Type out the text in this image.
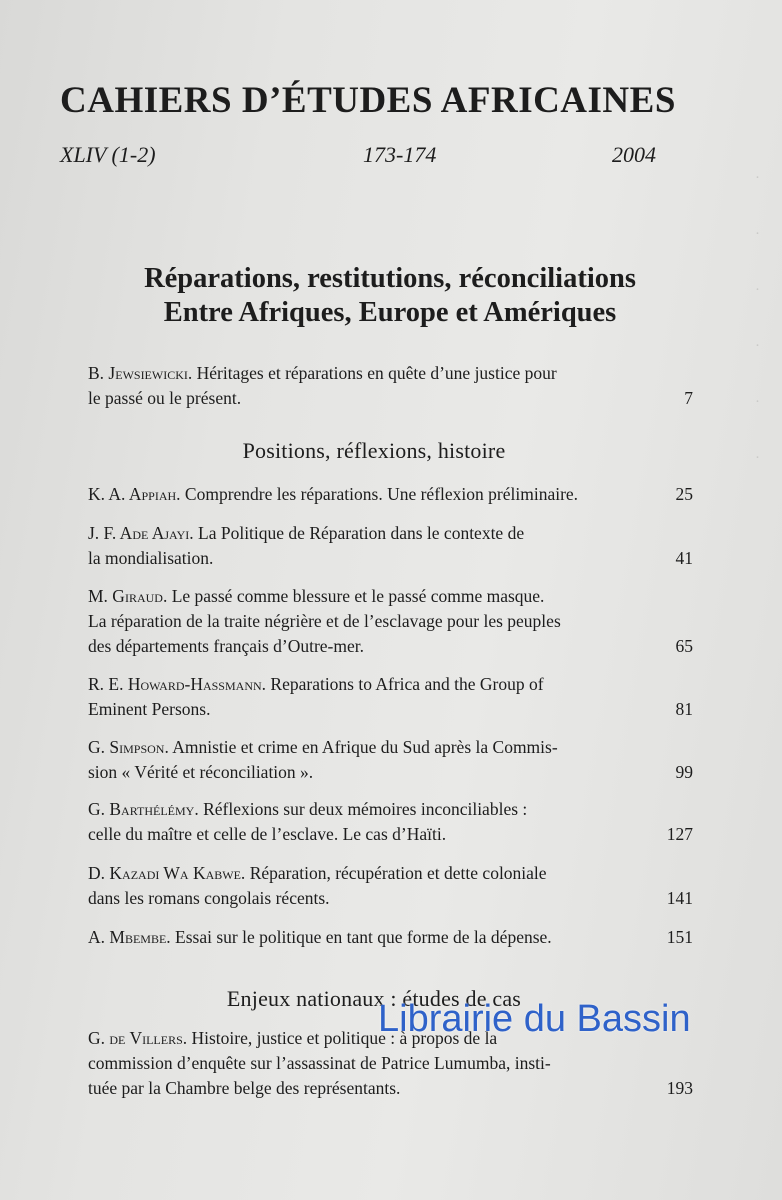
·
·
·
·
·
·
CAHIERS D’ÉTUDES AFRICAINES
XLIV (1-2)	173-174	2004
Réparations, restitutions, réconciliations
Entre Afriques, Europe et Amériques
B. Jewsiewicki. Héritages et réparations en quête d’une justice pour
le passé ou le présent.	7
Positions, réflexions, histoire
K. A. Appiah. Comprendre les réparations. Une réflexion préliminaire.	25
J. F. Ade Ajayi. La Politique de Réparation dans le contexte de
la mondialisation.	41
M. Giraud. Le passé comme blessure et le passé comme masque.
La réparation de la traite négrière et de l’esclavage pour les peuples
des départements français d’Outre-mer.	65
R. E. Howard-Hassmann. Reparations to Africa and the Group of
Eminent Persons.	81
G. Simpson. Amnistie et crime en Afrique du Sud après la Commis-
sion « Vérité et réconciliation ».	99
G. Barthélémy. Réflexions sur deux mémoires inconciliables :
celle du maître et celle de l’esclave. Le cas d’Haïti.	127
D. Kazadi Wa Kabwe. Réparation, récupération et dette coloniale
dans les romans congolais récents.	141
A. Mbembe. Essai sur le politique en tant que forme de la dépense.	151
Enjeux nationaux : études de cas
G. de Villers. Histoire, justice et politique : à propos de la
commission d’enquête sur l’assassinat de Patrice Lumumba, insti-
tuée par la Chambre belge des représentants.	193
Librairie du Bassin
